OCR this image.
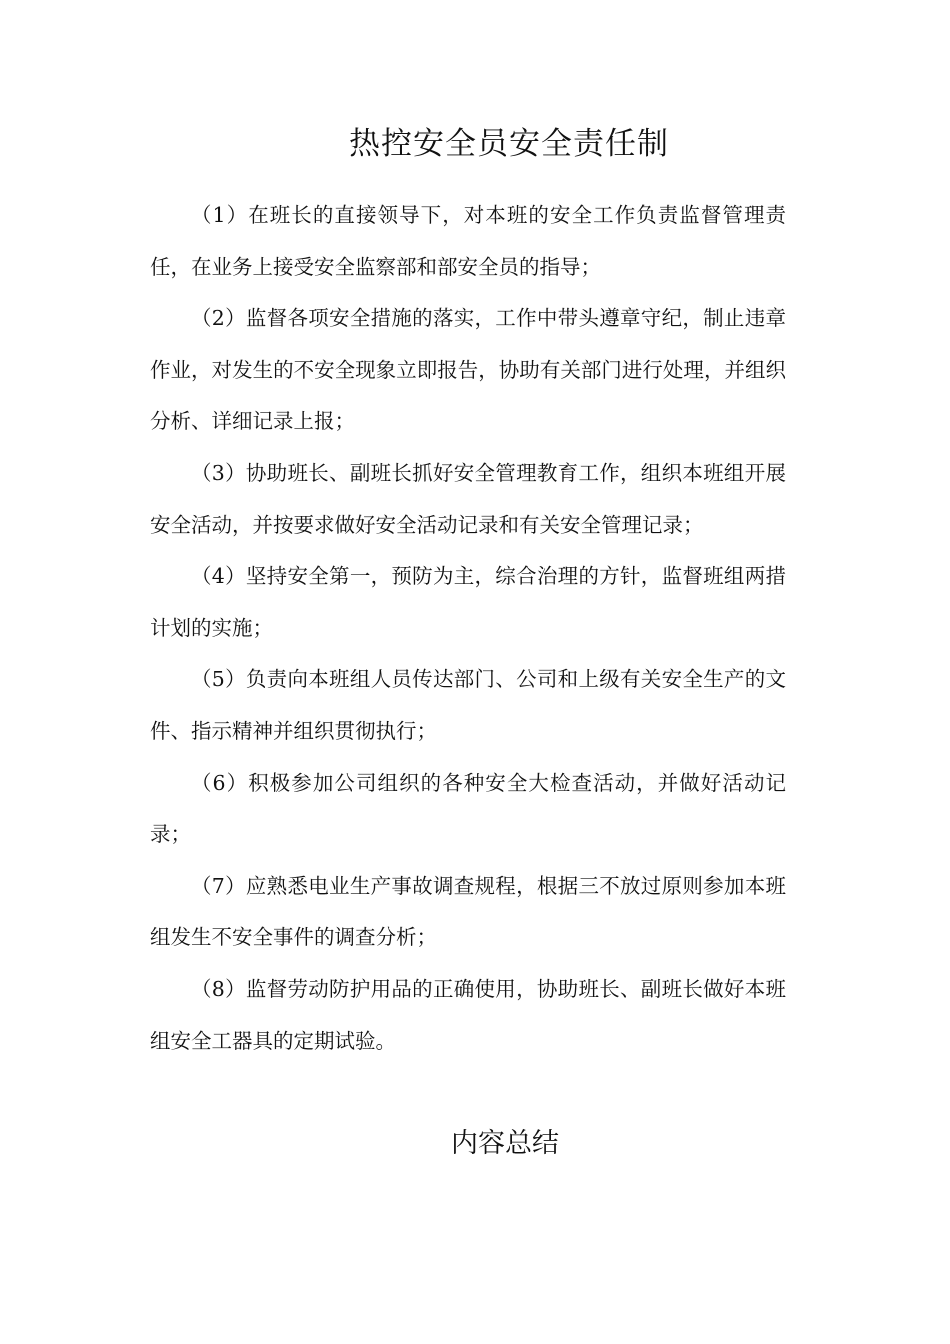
热控安全员安全责任制

（1）在班长的直接领导下，对本班的安全工作负责监督管理责任，在业务上接受安全监察部和部安全员的指导；

（2）监督各项安全措施的落实，工作中带头遵章守纪，制止违章作业，对发生的不安全现象立即报告，协助有关部门进行处理，并组织分析、详细记录上报；

（3）协助班长、副班长抓好安全管理教育工作，组织本班组开展安全活动，并按要求做好安全活动记录和有关安全管理记录；

（4）坚持安全第一，预防为主，综合治理的方针，监督班组两措计划的实施；

（5）负责向本班组人员传达部门、公司和上级有关安全生产的文件、指示精神并组织贯彻执行；

（6）积极参加公司组织的各种安全大检查活动，并做好活动记录；

（7）应熟悉电业生产事故调查规程，根据三不放过原则参加本班组发生不安全事件的调查分析；

（8）监督劳动防护用品的正确使用，协助班长、副班长做好本班组安全工器具的定期试验。

内容总结
